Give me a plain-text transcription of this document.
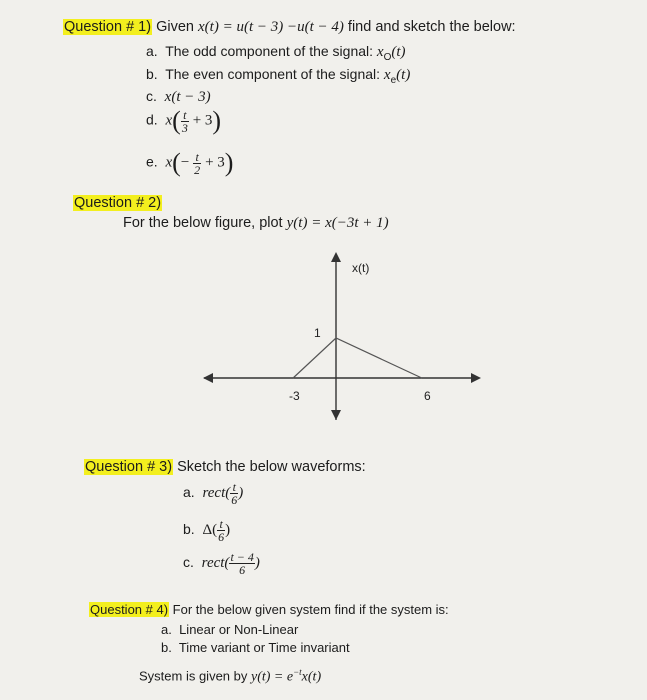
Question # 1) Given x(t) = u(t − 3) −u(t − 4) find and sketch the below:
a. The odd component of the signal: $x_O(t)$
b. The even component of the signal: $x_e(t)$
c. x(t − 3)
d. $x( \frac{t}{3} + 3)$
e. $x(- \frac{t}{2} + 3)$
Question # 2)
For the below figure, plot y(t) = x(−3t + 1)
x(t)
1
-3	6
Question # 3) Sketch the below waveforms:
a. rect( $\frac{t}{6}$ )
b. $\Delta( \frac{t}{6}$ )
c. rect( $\frac{t - 4}{6}$ )
Question # 4) For the below given system find if the system is:
a. Linear or Non-Linear
b. Time variant or Time invariant
System is given by $y(t) = e^{-t}x(t)$
